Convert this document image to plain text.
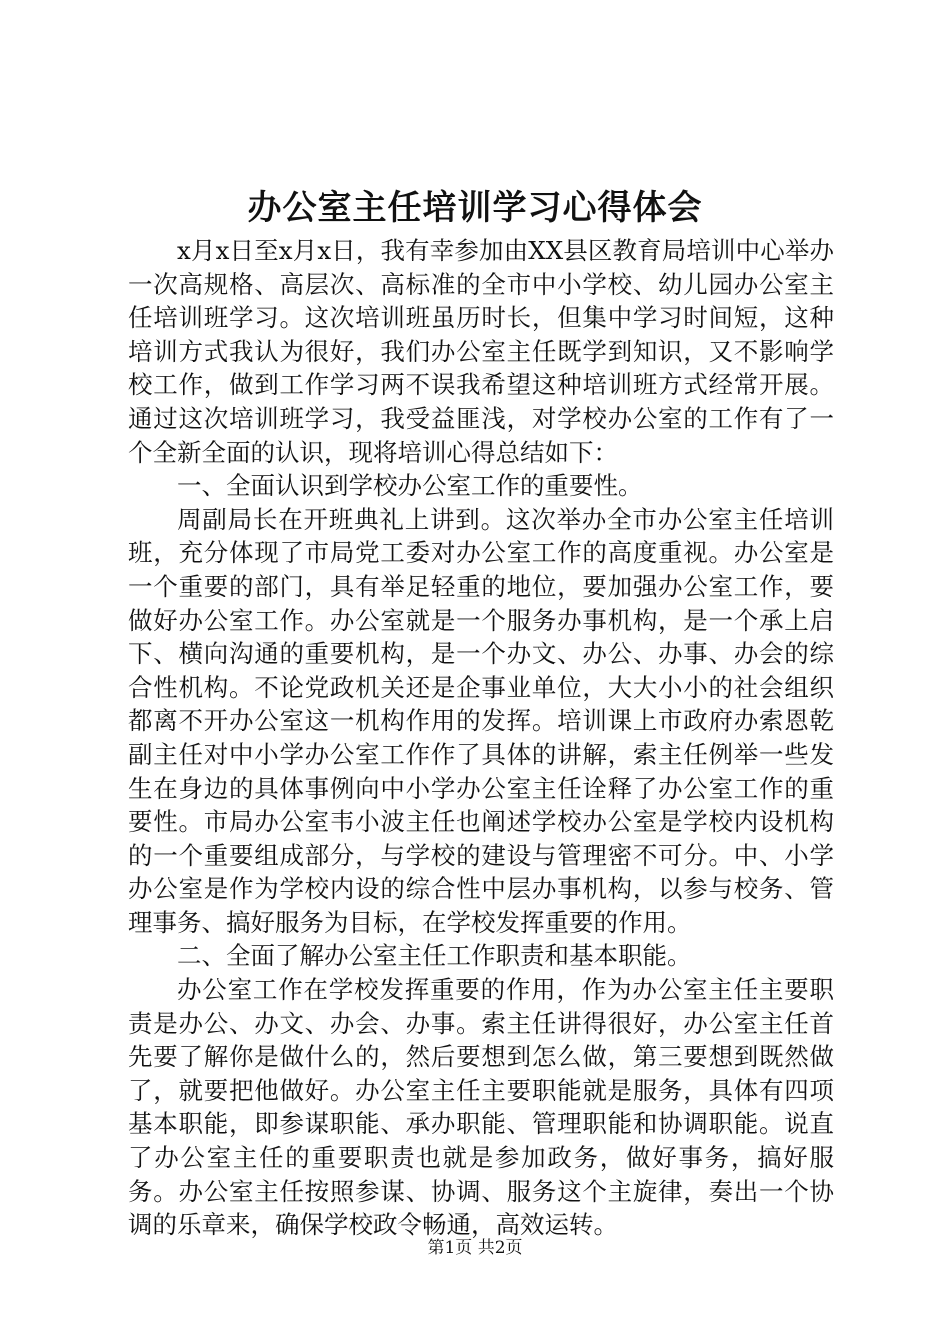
办公室主任培训学习心得体会

x月x日至x月x日，我有幸参加由XX县区教育局培训中心举办一次高规格、高层次、高标准的全市中小学校、幼儿园办公室主任培训班学习。这次培训班虽历时长，但集中学习时间短，这种培训方式我认为很好，我们办公室主任既学到知识，又不影响学校工作，做到工作学习两不误我希望这种培训班方式经常开展。通过这次培训班学习，我受益匪浅，对学校办公室的工作有了一个全新全面的认识，现将培训心得总结如下：

一、全面认识到学校办公室工作的重要性。

周副局长在开班典礼上讲到。这次举办全市办公室主任培训班，充分体现了市局党工委对办公室工作的高度重视。办公室是一个重要的部门，具有举足轻重的地位，要加强办公室工作，要做好办公室工作。办公室就是一个服务办事机构，是一个承上启下、横向沟通的重要机构，是一个办文、办公、办事、办会的综合性机构。不论党政机关还是企事业单位，大大小小的社会组织都离不开办公室这一机构作用的发挥。培训课上市政府办索恩乾副主任对中小学办公室工作作了具体的讲解，索主任例举一些发生在身边的具体事例向中小学办公室主任诠释了办公室工作的重要性。市局办公室韦小波主任也阐述学校办公室是学校内设机构的一个重要组成部分，与学校的建设与管理密不可分。中、小学办公室是作为学校内设的综合性中层办事机构，以参与校务、管理事务、搞好服务为目标，在学校发挥重要的作用。

二、全面了解办公室主任工作职责和基本职能。

办公室工作在学校发挥重要的作用，作为办公室主任主要职责是办公、办文、办会、办事。索主任讲得很好，办公室主任首先要了解你是做什么的，然后要想到怎么做，第三要想到既然做了，就要把他做好。办公室主任主要职能就是服务，具体有四项基本职能，即参谋职能、承办职能、管理职能和协调职能。说直了办公室主任的重要职责也就是参加政务，做好事务，搞好服务。办公室主任按照参谋、协调、服务这个主旋律，奏出一个协调的乐章来，确保学校政令畅通，高效运转。

第1页 共2页
